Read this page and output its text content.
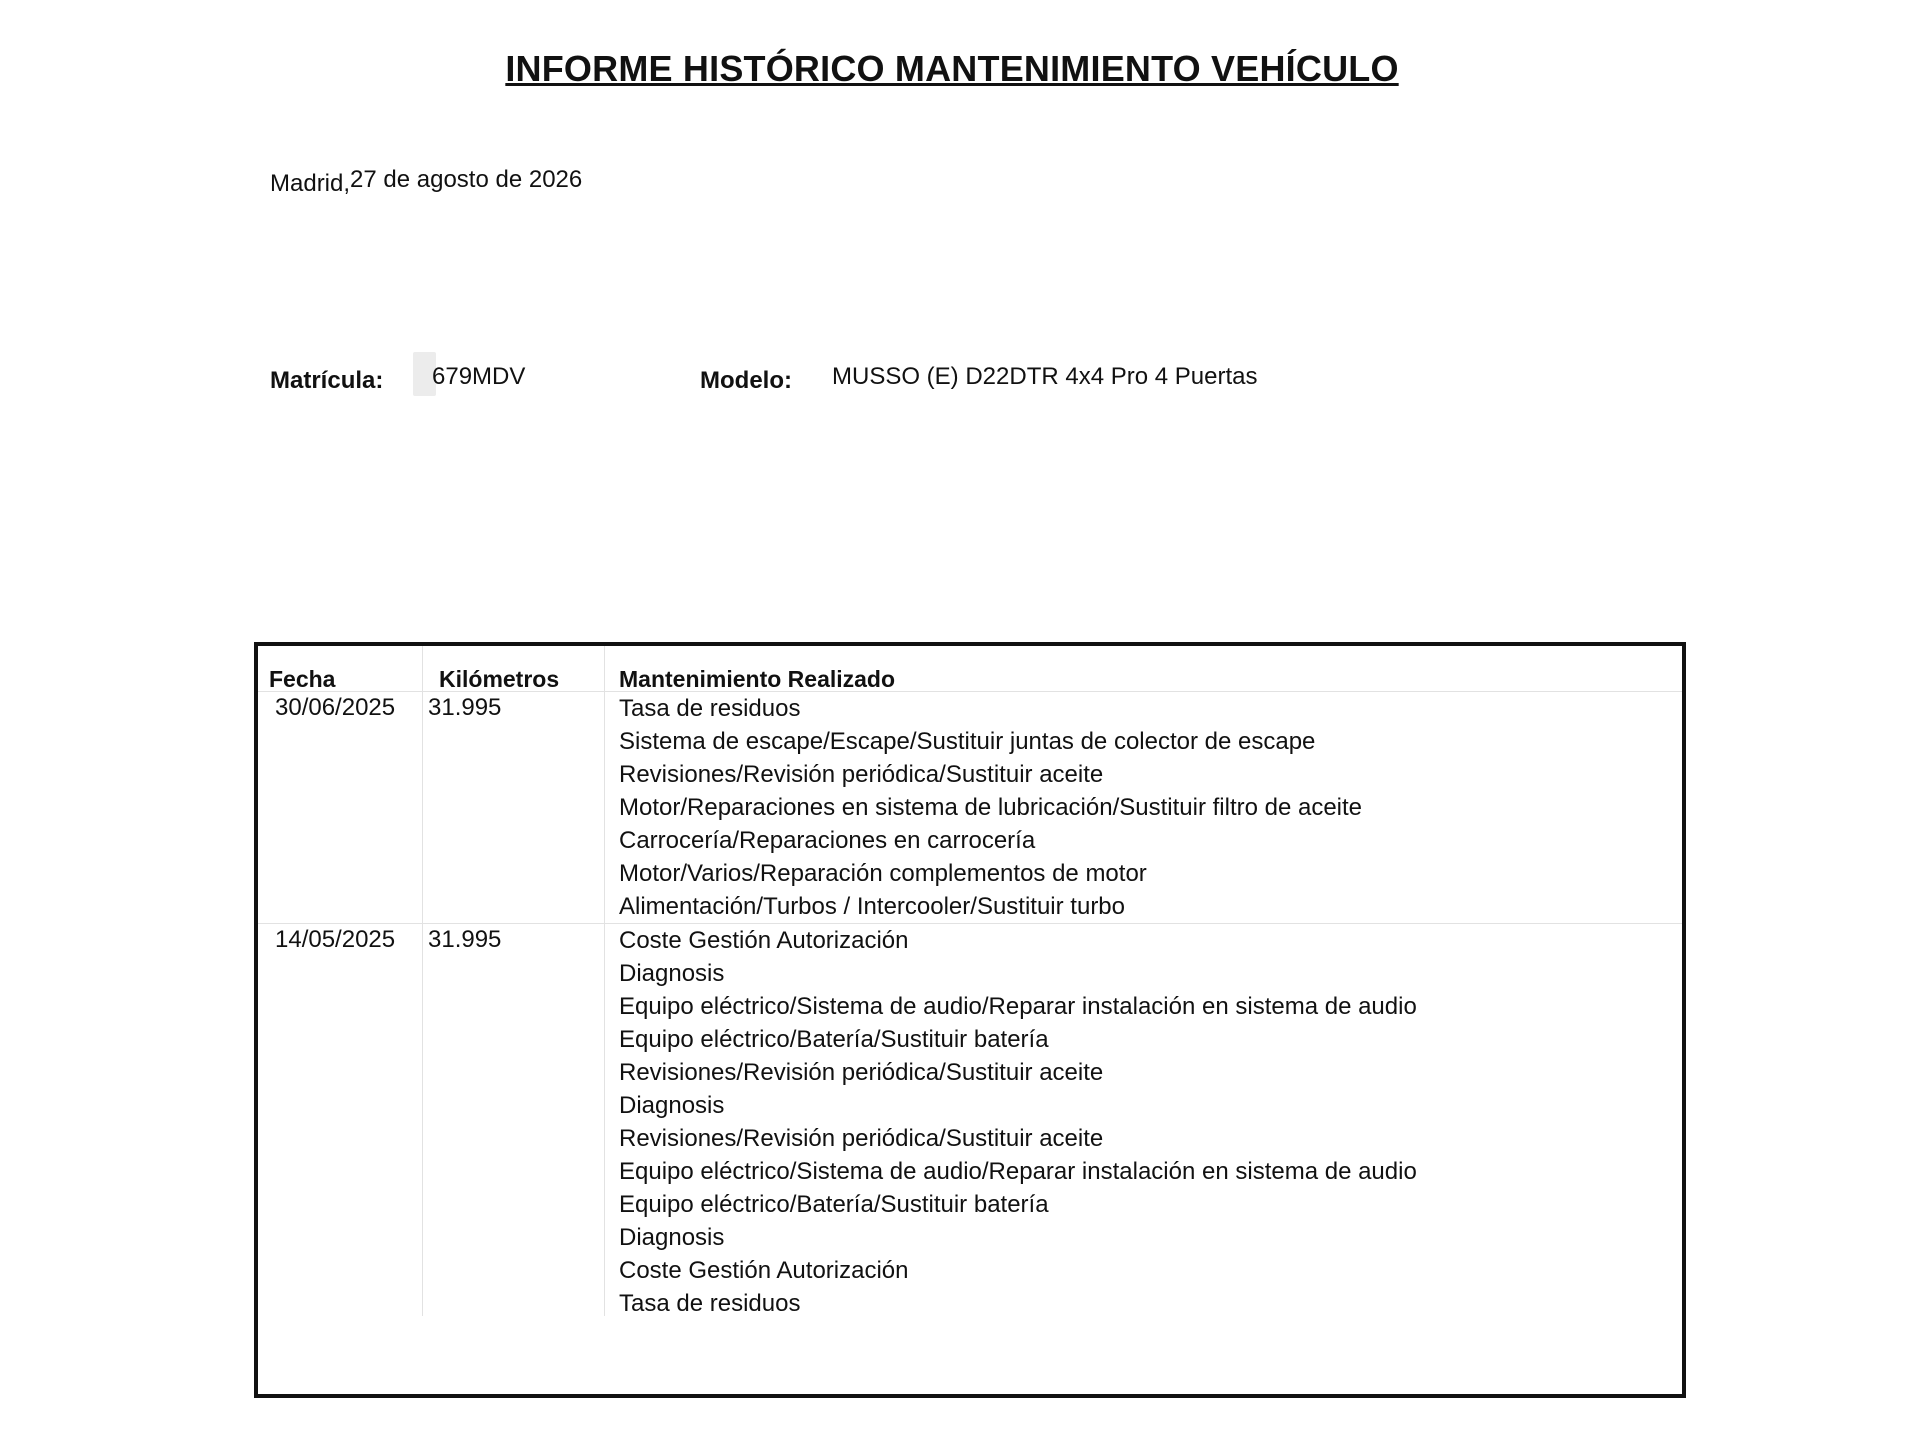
INFORME HISTÓRICO MANTENIMIENTO VEHÍCULO
Madrid,27 de agosto de 2026
Matrícula: 679MDV	Modelo: MUSSO (E) D22DTR 4x4 Pro 4 Puertas
Fecha	Kilómetros	Mantenimiento Realizado
30/06/2025 31.995	Tasa de residuos
Sistema de escape/Escape/Sustituir juntas de colector de escape
Revisiones/Revisión periódica/Sustituir aceite
Motor/Reparaciones en sistema de lubricación/Sustituir filtro de aceite
Carrocería/Reparaciones en carrocería
Motor/Varios/Reparación complementos de motor
Alimentación/Turbos / Intercooler/Sustituir turbo
14/05/2025 31.995	Coste Gestión Autorización
Diagnosis
Equipo eléctrico/Sistema de audio/Reparar instalación en sistema de audio
Equipo eléctrico/Batería/Sustituir batería
Revisiones/Revisión periódica/Sustituir aceite
Diagnosis
Revisiones/Revisión periódica/Sustituir aceite
Equipo eléctrico/Sistema de audio/Reparar instalación en sistema de audio
Equipo eléctrico/Batería/Sustituir batería
Diagnosis
Coste Gestión Autorización
Tasa de residuos
